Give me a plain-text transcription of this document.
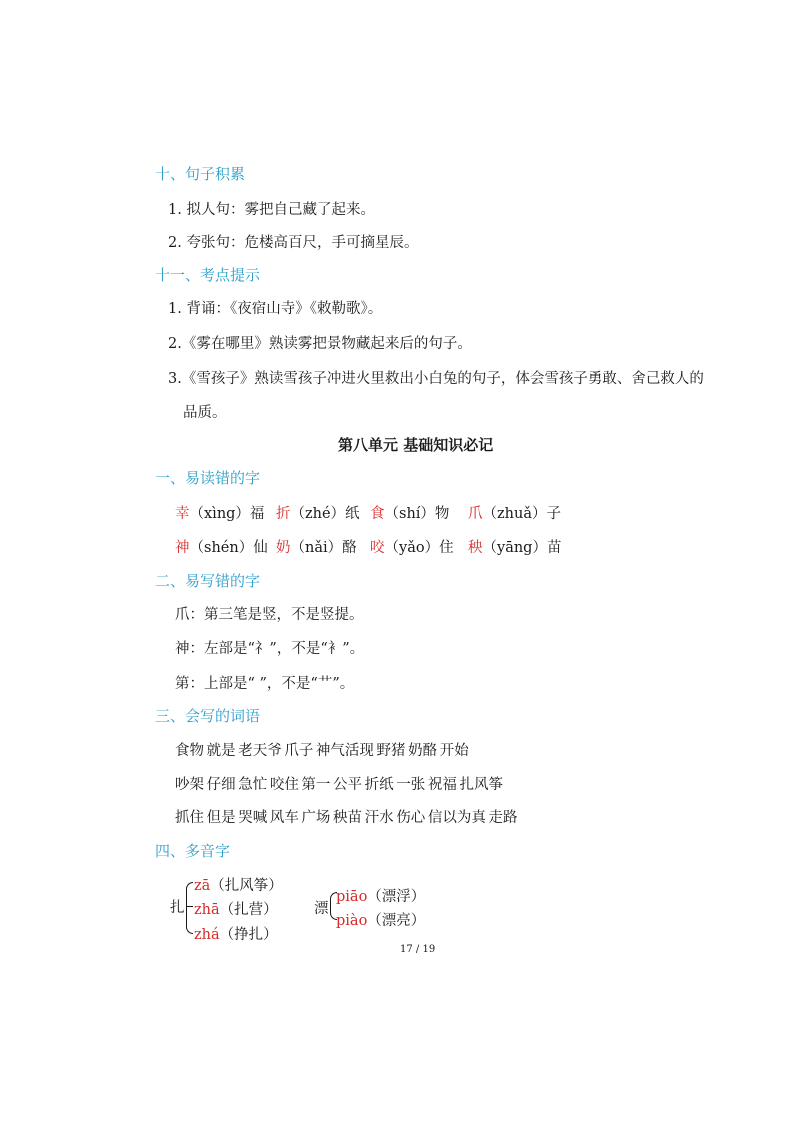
十、句子积累
1. 拟人句：雾把自己藏了起来。
2. 夸张句：危楼高百尺，手可摘星辰。
十一、考点提示
1. 背诵：《夜宿山寺》《敕勒歌》。
2.《雾在哪里》熟读雾把景物藏起来后的句子。
3.《雪孩子》熟读雪孩子冲进火里救出小白兔的句子，体会雪孩子勇敢、舍己救人的
品质。
第八单元 基础知识必记
一、易读错的字
幸（xìng）福 折（zhé）纸 食（shí）物 爪（zhuǎ）子
神（shén）仙 奶（nǎi）酪 咬（yǎo）住 秧（yāng）苗
二、易写错的字
爪：第三笔是竖，不是竖提。
神：左部是“礻”，不是“衤”。
第：上部是“ ”，不是“艹”。
三、会写的词语
食物 就是 老天爷 爪子 神气活现 野猪 奶酪 开始
吵架 仔细 急忙 咬住 第一 公平 折纸 一张 祝福 扎风筝
抓住 但是 哭喊 风车 广场 秧苗 汗水 伤心 信以为真 走路
四、多音字
扎
zā（扎风筝）
zhā（扎营）
zhá（挣扎）
漂
piāo（漂浮）
piào（漂亮）
17 / 19
